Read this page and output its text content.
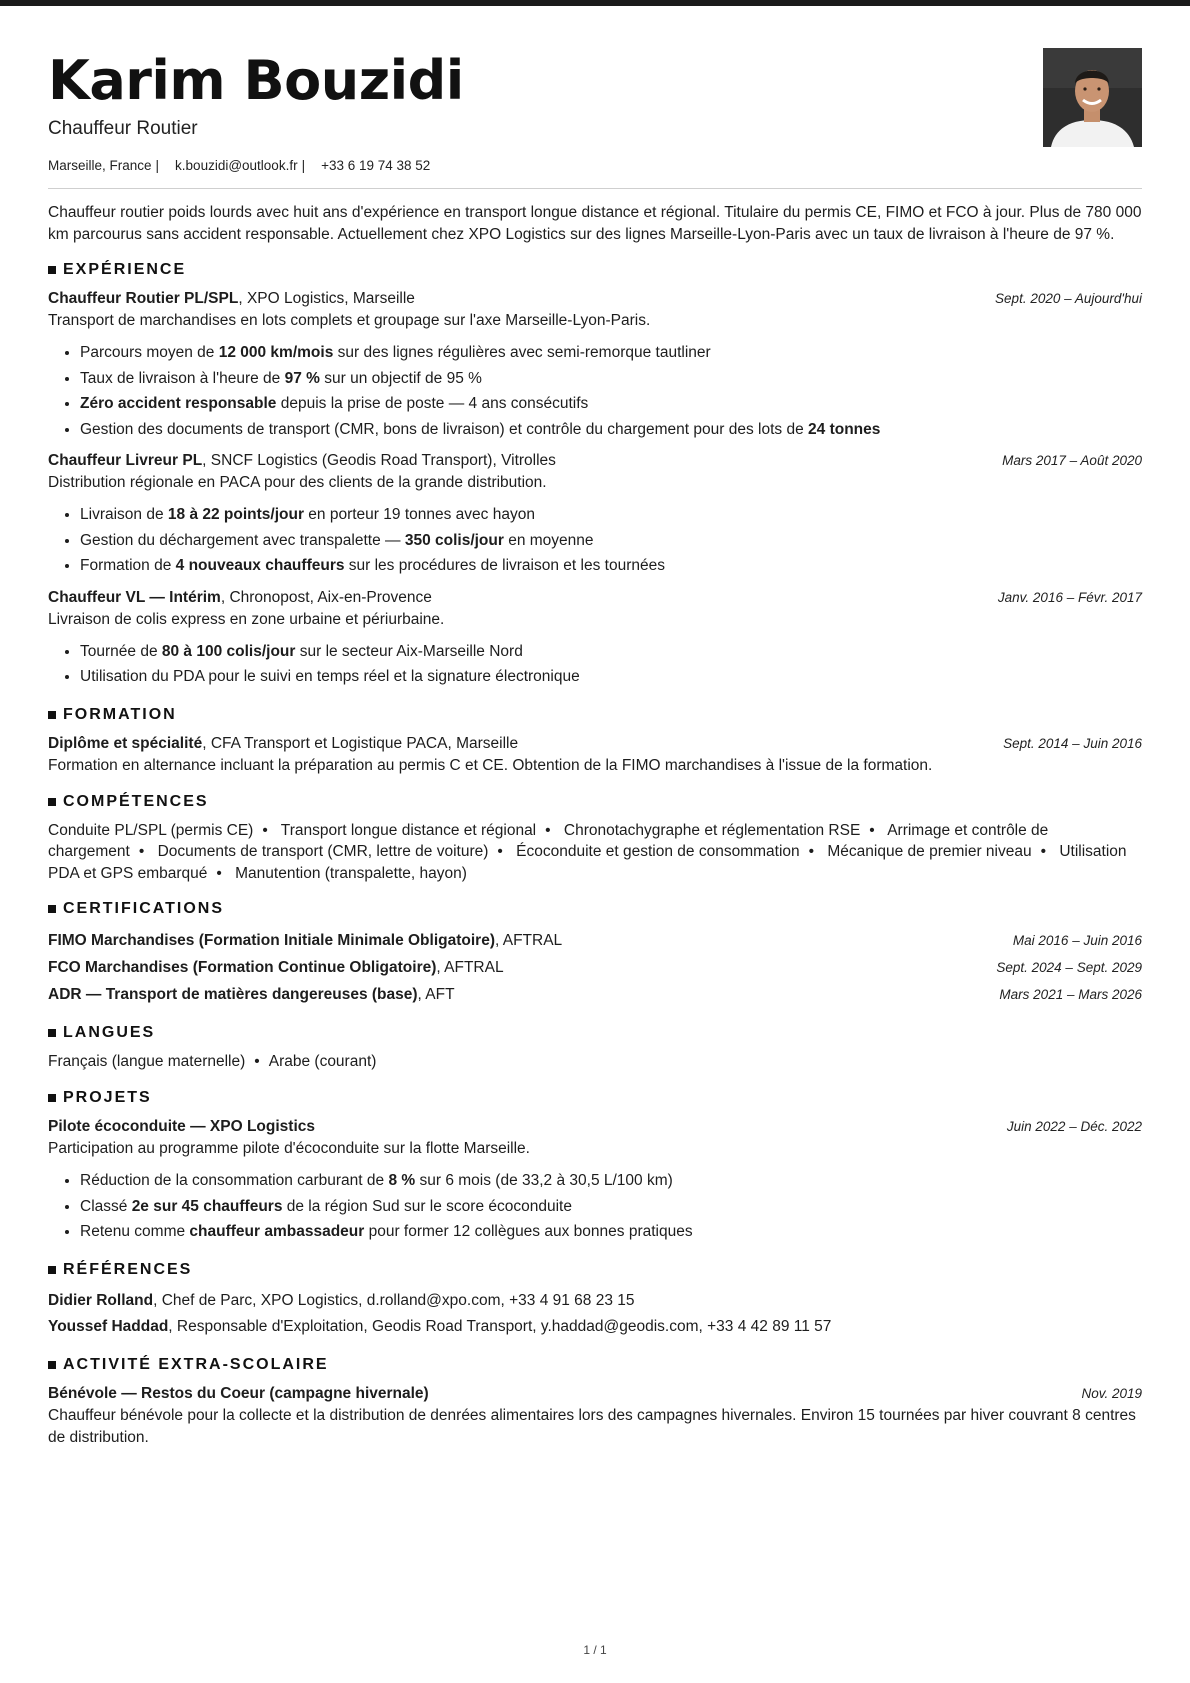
Karim Bouzidi
Chauffeur Routier
Marseille, France | k.bouzidi@outlook.fr | +33 6 19 74 38 52
Chauffeur routier poids lourds avec huit ans d'expérience en transport longue distance et régional. Titulaire du permis CE, FIMO et FCO à jour. Plus de 780 000 km parcourus sans accident responsable. Actuellement chez XPO Logistics sur des lignes Marseille-Lyon-Paris avec un taux de livraison à l'heure de 97 %.
EXPÉRIENCE
Chauffeur Routier PL/SPL, XPO Logistics, Marseille	Sept. 2020 – Aujourd'hui
Transport de marchandises en lots complets et groupage sur l'axe Marseille-Lyon-Paris.
• Parcours moyen de 12 000 km/mois sur des lignes régulières avec semi-remorque tautliner
• Taux de livraison à l'heure de 97 % sur un objectif de 95 %
• Zéro accident responsable depuis la prise de poste — 4 ans consécutifs
• Gestion des documents de transport (CMR, bons de livraison) et contrôle du chargement pour des lots de 24 tonnes
Chauffeur Livreur PL, SNCF Logistics (Geodis Road Transport), Vitrolles	Mars 2017 – Août 2020
Distribution régionale en PACA pour des clients de la grande distribution.
• Livraison de 18 à 22 points/jour en porteur 19 tonnes avec hayon
• Gestion du déchargement avec transpalette — 350 colis/jour en moyenne
• Formation de 4 nouveaux chauffeurs sur les procédures de livraison et les tournées
Chauffeur VL — Intérim, Chronopost, Aix-en-Provence	Janv. 2016 – Févr. 2017
Livraison de colis express en zone urbaine et périurbaine.
• Tournée de 80 à 100 colis/jour sur le secteur Aix-Marseille Nord
• Utilisation du PDA pour le suivi en temps réel et la signature électronique
FORMATION
Diplôme et spécialité, CFA Transport et Logistique PACA, Marseille	Sept. 2014 – Juin 2016
Formation en alternance incluant la préparation au permis C et CE. Obtention de la FIMO marchandises à l'issue de la formation.
COMPÉTENCES
Conduite PL/SPL (permis CE) • Transport longue distance et régional • Chronotachygraphe et réglementation RSE • Arrimage et contrôle de chargement • Documents de transport (CMR, lettre de voiture) • Écoconduite et gestion de consommation • Mécanique de premier niveau • Utilisation PDA et GPS embarqué • Manutention (transpalette, hayon)
CERTIFICATIONS
FIMO Marchandises (Formation Initiale Minimale Obligatoire), AFTRAL	Mai 2016 – Juin 2016
FCO Marchandises (Formation Continue Obligatoire), AFTRAL	Sept. 2024 – Sept. 2029
ADR — Transport de matières dangereuses (base), AFT	Mars 2021 – Mars 2026
LANGUES
Français (langue maternelle) • Arabe (courant)
PROJETS
Pilote écoconduite — XPO Logistics	Juin 2022 – Déc. 2022
Participation au programme pilote d'écoconduite sur la flotte Marseille.
• Réduction de la consommation carburant de 8 % sur 6 mois (de 33,2 à 30,5 L/100 km)
• Classé 2e sur 45 chauffeurs de la région Sud sur le score écoconduite
• Retenu comme chauffeur ambassadeur pour former 12 collègues aux bonnes pratiques
RÉFÉRENCES
Didier Rolland, Chef de Parc, XPO Logistics, d.rolland@xpo.com, +33 4 91 68 23 15
Youssef Haddad, Responsable d'Exploitation, Geodis Road Transport, y.haddad@geodis.com, +33 4 42 89 11 57
ACTIVITÉ EXTRA-SCOLAIRE
Bénévole — Restos du Coeur (campagne hivernale)	Nov. 2019
Chauffeur bénévole pour la collecte et la distribution de denrées alimentaires lors des campagnes hivernales. Environ 15 tournées par hiver couvrant 8 centres de distribution.
1 / 1
